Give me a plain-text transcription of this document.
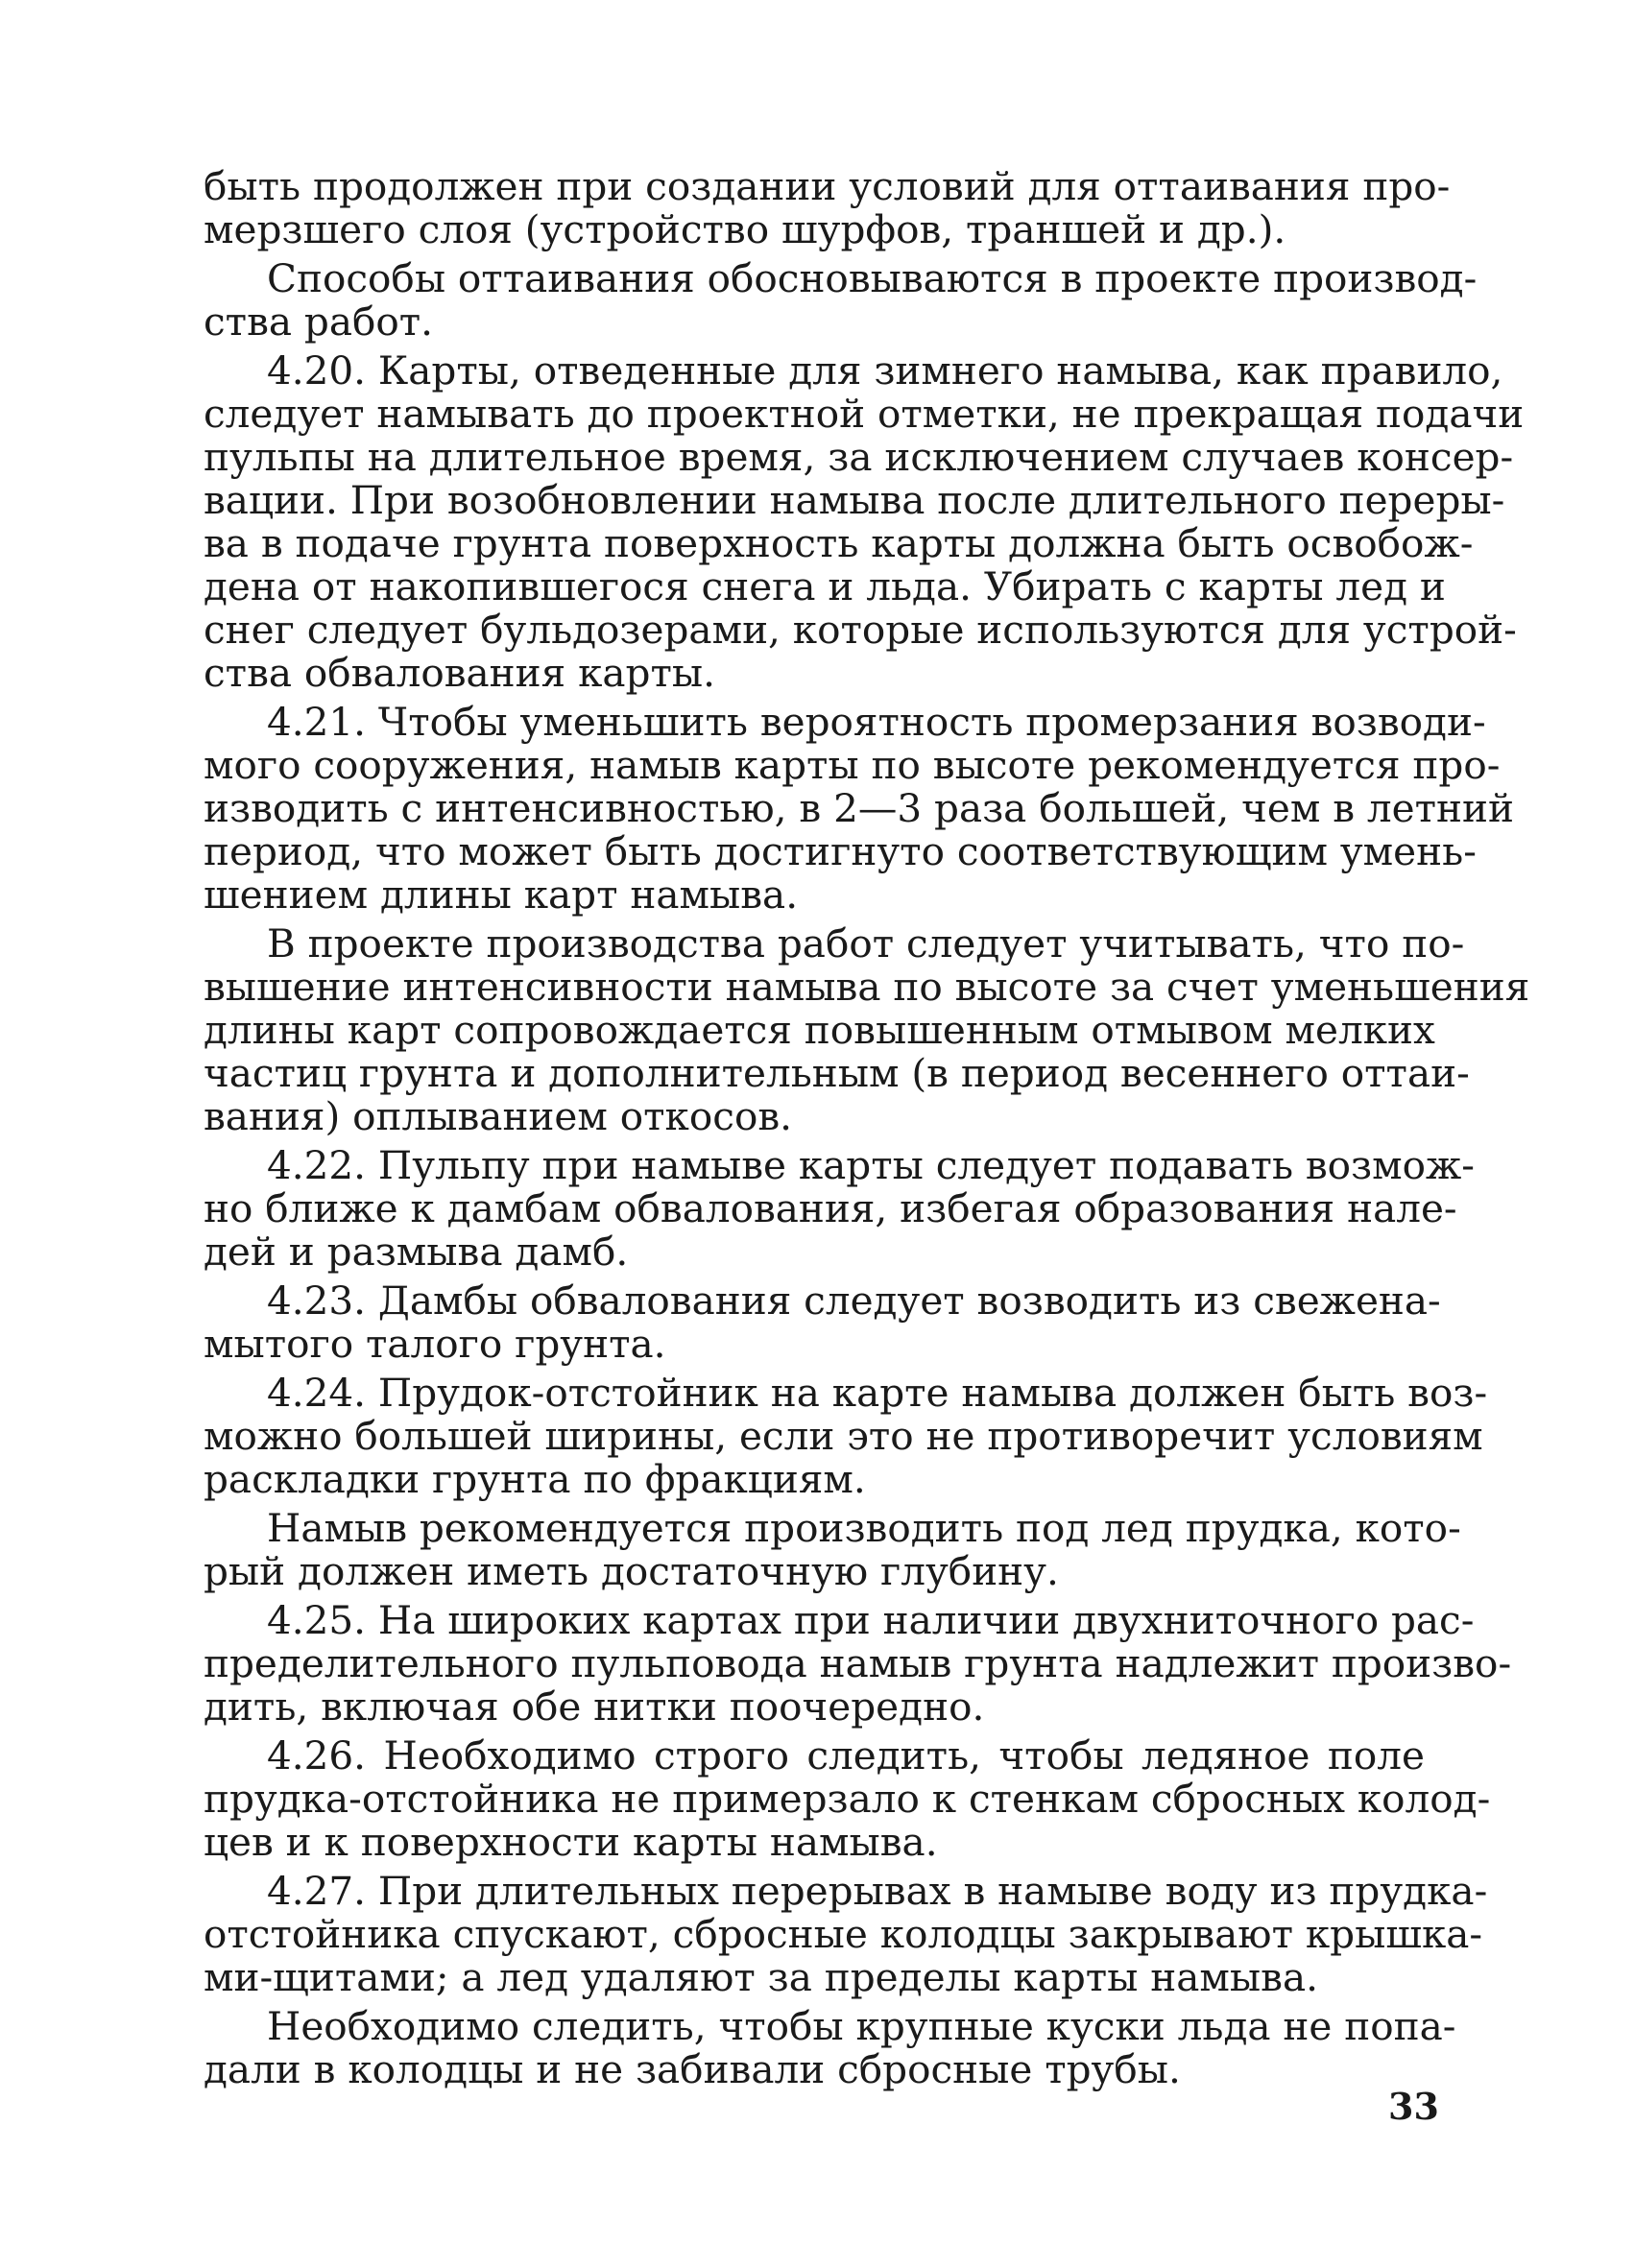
быть продолжен при создании условий для оттаивания про-
мерзшего слоя (устройство шурфов, траншей и др.).
Способы оттаивания обосновываются в проекте производ-
ства работ.
4.20. Карты, отведенные для зимнего намыва, как правило,
следует намывать до проектной отметки, не прекращая подачи
пульпы на длительное время, за исключением случаев консер-
вации. При возобновлении намыва после длительного переры-
ва в подаче грунта поверхность карты должна быть освобож-
дена от накопившегося снега и льда. Убирать с карты лед и
снег следует бульдозерами, которые используются для устрой-
ства обвалования карты.
4.21. Чтобы уменьшить вероятность промерзания возводи-
мого сооружения, намыв карты по высоте рекомендуется про-
изводить с интенсивностью, в 2—3 раза большей, чем в летний
период, что может быть достигнуто соответствующим умень-
шением длины карт намыва.
В проекте производства работ следует учитывать, что по-
вышение интенсивности намыва по высоте за счет уменьшения
длины карт сопровождается повышенным отмывом мелких
частиц грунта и дополнительным (в период весеннего оттаи-
вания) оплыванием откосов.
4.22. Пульпу при намыве карты следует подавать возмож-
но ближе к дамбам обвалования, избегая образования нале-
дей и размыва дамб.
4.23. Дамбы обвалования следует возводить из свежена-
мытого талого грунта.
4.24. Прудок-отстойник на карте намыва должен быть воз-
можно большей ширины, если это не противоречит условиям
раскладки грунта по фракциям.
Намыв рекомендуется производить под лед прудка, кото-
рый должен иметь достаточную глубину.
4.25. На широких картах при наличии двухниточного рас-
пределительного пульповода намыв грунта надлежит произво-
дить, включая обе нитки поочередно.
4.26. Необходимо строго следить, чтобы ледяное поле
прудка-отстойника не примерзало к стенкам сбросных колод-
цев и к поверхности карты намыва.
4.27. При длительных перерывах в намыве воду из прудка-
отстойника спускают, сбросные колодцы закрывают крышка-
ми-щитами; а лед удаляют за пределы карты намыва.
Необходимо следить, чтобы крупные куски льда не попа-
дали в колодцы и не забивали сбросные трубы.
33
